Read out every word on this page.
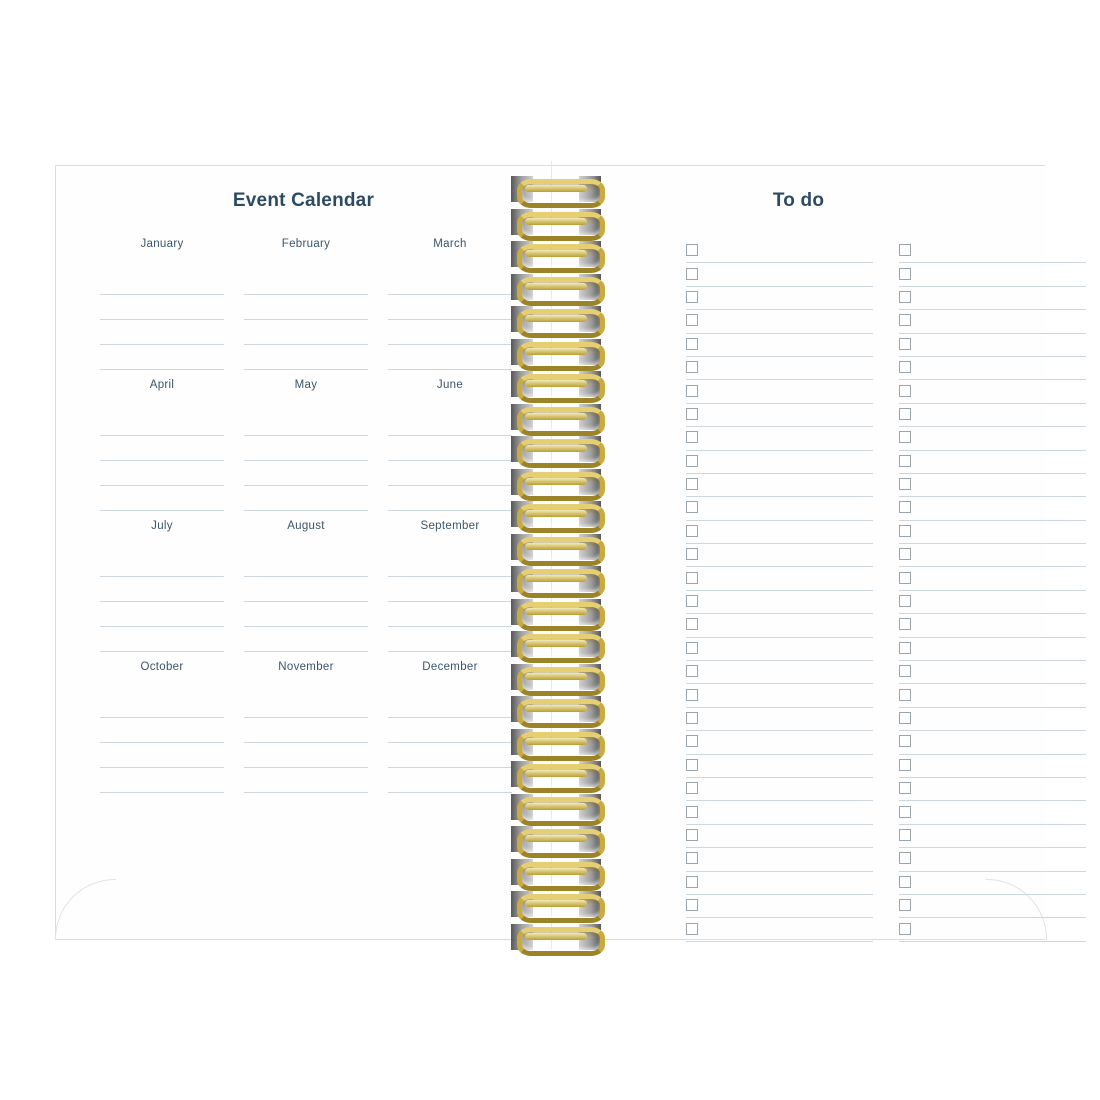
Event Calendar
January	February	March
April	May	June
July	August	September
October	November	December
To do
